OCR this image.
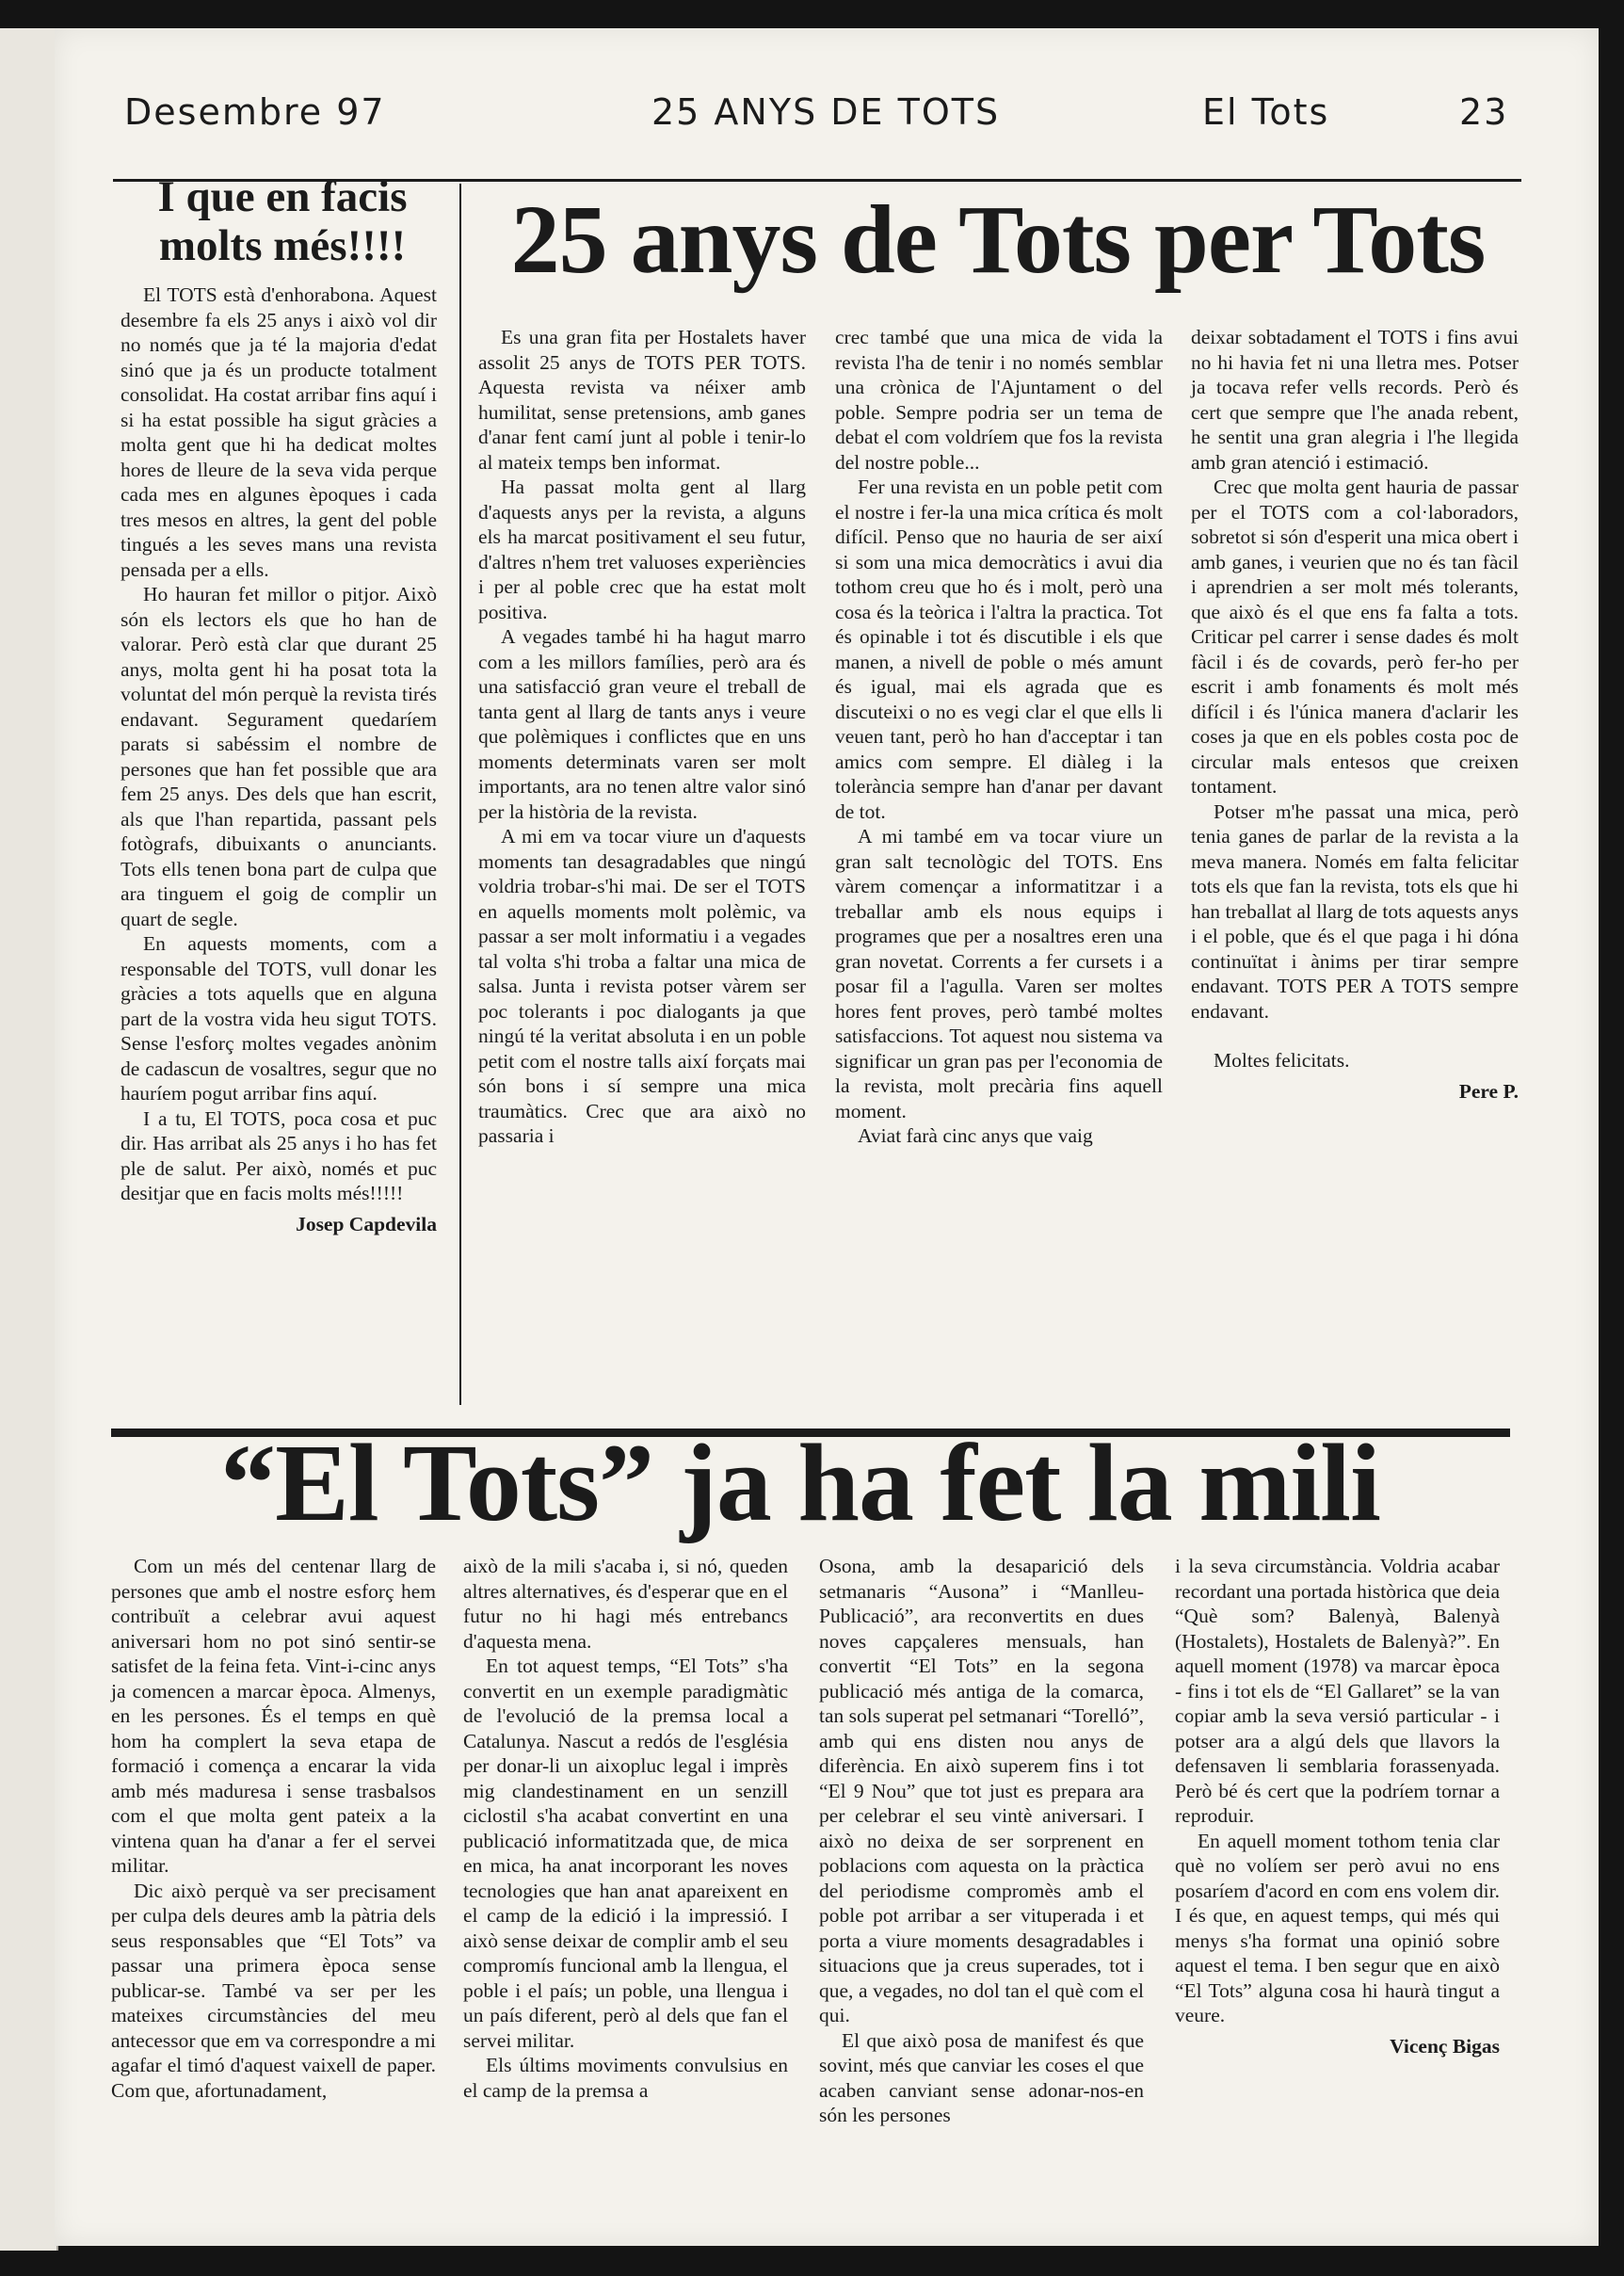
Desembre 97	25 ANYS DE TOTS	El Tots	23
I que en facis molts més!!!!

El TOTS està d'enhorabona. Aquest desembre fa els 25 anys i això vol dir no només que ja té la majoria d'edat sinó que ja és un producte totalment consolidat. Ha costat arribar fins aquí i si ha estat possible ha sigut gràcies a molta gent que hi ha dedicat moltes hores de lleure de la seva vida perque cada mes en algunes èpoques i cada tres mesos en altres, la gent del poble tingués a les seves mans una revista pensada per a ells.

Ho hauran fet millor o pitjor. Això són els lectors els que ho han de valorar. Però està clar que durant 25 anys, molta gent hi ha posat tota la voluntat del món perquè la revista tirés endavant. Segurament quedaríem parats si sabéssim el nombre de persones que han fet possible que ara fem 25 anys. Des dels que han escrit, als que l'han repartida, passant pels fotògrafs, dibuixants o anunciants. Tots ells tenen bona part de culpa que ara tinguem el goig de complir un quart de segle.

En aquests moments, com a responsable del TOTS, vull donar les gràcies a tots aquells que en alguna part de la vostra vida heu sigut TOTS. Sense l'esforç moltes vegades anònim de cadascun de vosaltres, segur que no hauríem pogut arribar fins aquí.

I a tu, El TOTS, poca cosa et puc dir. Has arribat als 25 anys i ho has fet ple de salut. Per això, només et puc desitjar que en facis molts més!!!!!

Josep Capdevila

25 anys de Tots per Tots

Es una gran fita per Hostalets haver assolit 25 anys de TOTS PER TOTS. Aquesta revista va néixer amb humilitat, sense pretensions, amb ganes d'anar fent camí junt al poble i tenir-lo al mateix temps ben informat.

Ha passat molta gent al llarg d'aquests anys per la revista, a alguns els ha marcat positivament el seu futur, d'altres n'hem tret valuoses experiències i per al poble crec que ha estat molt positiva.

A vegades també hi ha hagut marro com a les millors famílies, però ara és una satisfacció gran veure el treball de tanta gent al llarg de tants anys i veure que polèmiques i conflictes que en uns moments determinats varen ser molt importants, ara no tenen altre valor sinó per la història de la revista.

A mi em va tocar viure un d'aquests moments tan desagradables que ningú voldria trobar-s'hi mai. De ser el TOTS en aquells moments molt polèmic, va passar a ser molt informatiu i a vegades tal volta s'hi troba a faltar una mica de salsa. Junta i revista potser vàrem ser poc tolerants i poc dialogants ja que ningú té la veritat absoluta i en un poble petit com el nostre talls així forçats mai són bons i sí sempre una mica traumàtics. Crec que ara això no passaria i

crec també que una mica de vida la revista l'ha de tenir i no només semblar una crònica de l'Ajuntament o del poble. Sempre podria ser un tema de debat el com voldríem que fos la revista del nostre poble...

Fer una revista en un poble petit com el nostre i fer-la una mica crítica és molt difícil. Penso que no hauria de ser així si som una mica democràtics i avui dia tothom creu que ho és i molt, però una cosa és la teòrica i l'altra la practica. Tot és opinable i tot és discutible i els que manen, a nivell de poble o més amunt és igual, mai els agrada que es discuteixi o no es vegi clar el que ells li veuen tant, però ho han d'acceptar i tan amics com sempre. El diàleg i la tolerància sempre han d'anar per davant de tot.

A mi també em va tocar viure un gran salt tecnològic del TOTS. Ens vàrem començar a informatitzar i a treballar amb els nous equips i programes que per a nosaltres eren una gran novetat. Corrents a fer cursets i a posar fil a l'agulla. Varen ser moltes hores fent proves, però també moltes satisfaccions. Tot aquest nou sistema va significar un gran pas per l'economia de la revista, molt precària fins aquell moment.

Aviat farà cinc anys que vaig

deixar sobtadament el TOTS i fins avui no hi havia fet ni una lletra mes. Potser ja tocava refer vells records. Però és cert que sempre que l'he anada rebent, he sentit una gran alegria i l'he llegida amb gran atenció i estimació.

Crec que molta gent hauria de passar per el TOTS com a col·laboradors, sobretot si són d'esperit una mica obert i amb ganes, i veurien que no és tan fàcil i aprendrien a ser molt més tolerants, que això és el que ens fa falta a tots. Criticar pel carrer i sense dades és molt fàcil i és de covards, però fer-ho per escrit i amb fonaments és molt més difícil i és l'única manera d'aclarir les coses ja que en els pobles costa poc de circular mals entesos que creixen tontament.

Potser m'he passat una mica, però tenia ganes de parlar de la revista a la meva manera. Només em falta felicitar tots els que fan la revista, tots els que hi han treballat al llarg de tots aquests anys i el poble, que és el que paga i hi dóna continuïtat i ànims per tirar sempre endavant. TOTS PER A TOTS sempre endavant.

Moltes felicitats.

Pere P.

“El Tots” ja ha fet la mili

Com un més del centenar llarg de persones que amb el nostre esforç hem contribuït a celebrar avui aquest aniversari hom no pot sinó sentir-se satisfet de la feina feta. Vint-i-cinc anys ja comencen a marcar època. Almenys, en les persones. És el temps en què hom ha complert la seva etapa de formació i comença a encarar la vida amb més maduresa i sense trasbalsos com el que molta gent pateix a la vintena quan ha d'anar a fer el servei militar.

Dic això perquè va ser precisament per culpa dels deures amb la pàtria dels seus responsables que “El Tots” va passar una primera època sense publicar-se. També va ser per les mateixes circumstàncies del meu antecessor que em va correspondre a mi agafar el timó d'aquest vaixell de paper. Com que, afortunadament,

això de la mili s'acaba i, si nó, queden altres alternatives, és d'esperar que en el futur no hi hagi més entrebancs d'aquesta mena.

En tot aquest temps, “El Tots” s'ha convertit en un exemple paradigmàtic de l'evolució de la premsa local a Catalunya. Nascut a redós de l'església per donar-li un aixopluc legal i imprès mig clandestinament en un senzill ciclostil s'ha acabat convertint en una publicació informatitzada que, de mica en mica, ha anat incorporant les noves tecnologies que han anat apareixent en el camp de la edició i la impressió. I això sense deixar de complir amb el seu compromís funcional amb la llengua, el poble i el país; un poble, una llengua i un país diferent, però al dels que fan el servei militar.

Els últims moviments convulsius en el camp de la premsa a

Osona, amb la desaparició dels setmanaris “Ausona” i “Manlleu-Publicació”, ara reconvertits en dues noves capçaleres mensuals, han convertit “El Tots” en la segona publicació més antiga de la comarca, tan sols superat pel setmanari “Torelló”, amb qui ens disten nou anys de diferència. En això superem fins i tot “El 9 Nou” que tot just es prepara ara per celebrar el seu vintè aniversari. I això no deixa de ser sorprenent en poblacions com aquesta on la pràctica del periodisme compromès amb el poble pot arribar a ser vituperada i et porta a viure moments desagradables i situacions que ja creus superades, tot i que, a vegades, no dol tan el què com el qui.

El que això posa de manifest és que sovint, més que canviar les coses el que acaben canviant sense adonar-nos-en són les persones

i la seva circumstància. Voldria acabar recordant una portada històrica que deia “Què som? Balenyà, Balenyà (Hostalets), Hostalets de Balenyà?”. En aquell moment (1978) va marcar època - fins i tot els de “El Gallaret” se la van copiar amb la seva versió particular - i potser ara a algú dels que llavors la defensaven li semblaria forassenyada. Però bé és cert que la podríem tornar a reproduir.

En aquell moment tothom tenia clar què no volíem ser però avui no ens posaríem d'acord en com ens volem dir. I és que, en aquest temps, qui més qui menys s'ha format una opinió sobre aquest el tema. I ben segur que en això “El Tots” alguna cosa hi haurà tingut a veure.

Vicenç Bigas
